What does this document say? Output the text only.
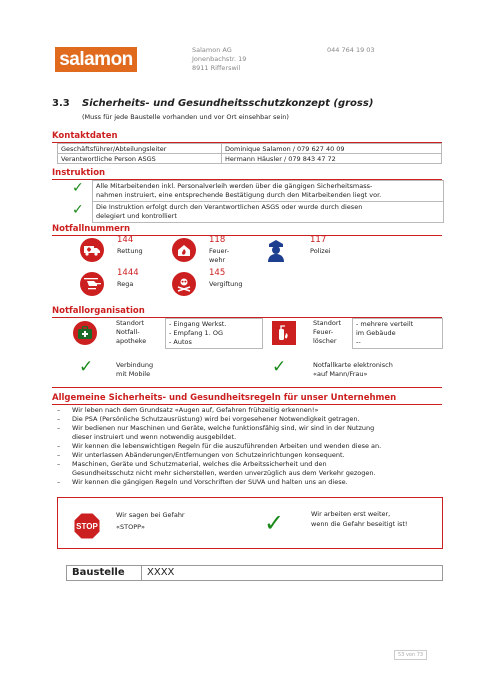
salamon	Salamon AG
Jonenbachstr. 19
8911 Rifferswil
044 764 19 03
3.3 Sicherheits- und Gesundheitsschutzkonzept (gross)
(Muss für jede Baustelle vorhanden und vor Ort einsehbar sein)
Kontaktdaten
Geschäftsführer/Abteilungsleiter	Dominique Salamon / 079 627 40 09
Verantwortliche Person ASGS	Hermann Häusler / 079 843 47 72
Instruktion
✓ Alle Mitarbeitenden inkl. Personalverleih werden über die gängigen Sicherheitsmass-
nahmen instruiert, eine entsprechende Bestätigung durch den Mitarbeitenden liegt vor.
✓ Die Instruktion erfolgt durch den Verantwortlichen ASGS oder wurde durch diesen
delegiert und kontrolliert
Notfallnummern
144
Rettung
118
Feuer-
wehr
117
Polizei
1444
Rega
145
Vergiftung
Notfallorganisation
Standort
Notfall-
apotheke
- Eingang Werkst.
- Empfang 1. OG
- Autos
Standort
Feuer-
löscher
- mehrere verteilt
im Gebäude
--
✓	Verbindung
mit Mobile	✓	Notfallkarte elektronisch
«auf Mann/Frau»
Allgemeine Sicherheits- und Gesundheitsregeln für unser Unternehmen
– Wir leben nach dem Grundsatz «Augen auf, Gefahren frühzeitig erkennen!»
– Die PSA (Persönliche Schutzausrüstung) wird bei vorgesehener Notwendigkeit getragen.
– Wir bedienen nur Maschinen und Geräte, welche funktionsfähig sind, wir sind in der Nutzung
dieser instruiert und wenn notwendig ausgebildet.
– Wir kennen die lebenswichtigen Regeln für die auszuführenden Arbeiten und wenden diese an.
– Wir unterlassen Abänderungen/Entfernungen von Schutzeinrichtungen konsequent.
– Maschinen, Geräte und Schutzmaterial, welches die Arbeitssicherheit und den
Gesundheitsschutz nicht mehr sicherstellen, werden unverzüglich aus dem Verkehr gezogen.
– Wir kennen die gängigen Regeln und Vorschriften der SUVA und halten uns an diese.
STOP
Wir sagen bei Gefahr
«STOPP»	✓	Wir arbeiten erst weiter,
wenn die Gefahr beseitigt ist!
Baustelle XXXX
53 von 73
